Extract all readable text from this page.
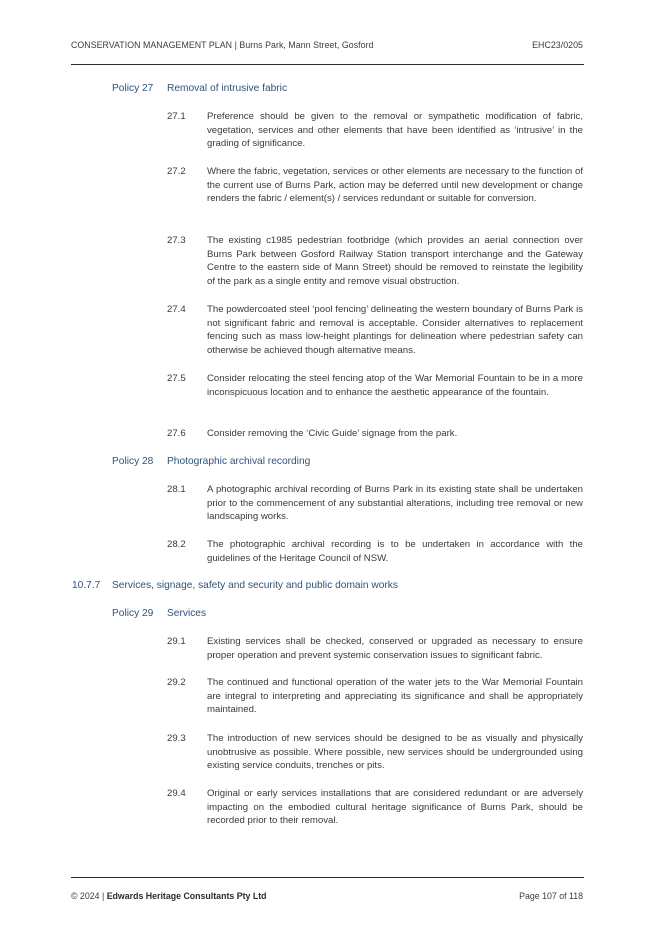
CONSERVATION MANAGEMENT PLAN | Burns Park, Mann Street, Gosford	EHC23/0205
Policy 27 Removal of intrusive fabric
27.1	Preference should be given to the removal or sympathetic modification of fabric, vegetation, services and other elements that have been identified as ‘intrusive’ in the grading of significance.
27.2	Where the fabric, vegetation, services or other elements are necessary to the function of the current use of Burns Park, action may be deferred until new development or change renders the fabric / element(s) / services redundant or suitable for conversion.
27.3	The existing c1985 pedestrian footbridge (which provides an aerial connection over Burns Park between Gosford Railway Station transport interchange and the Gateway Centre to the eastern side of Mann Street) should be removed to reinstate the legibility of the park as a single entity and remove visual obstruction.
27.4	The powdercoated steel ‘pool fencing’ delineating the western boundary of Burns Park is not significant fabric and removal is acceptable. Consider alternatives to replacement fencing such as mass low-height plantings for delineation where pedestrian safety can otherwise be achieved though alternative means.
27.5	Consider relocating the steel fencing atop of the War Memorial Fountain to be in a more inconspicuous location and to enhance the aesthetic appearance of the fountain.
27.6	Consider removing the ‘Civic Guide’ signage from the park.
Policy 28 Photographic archival recording
28.1	A photographic archival recording of Burns Park in its existing state shall be undertaken prior to the commencement of any substantial alterations, including tree removal or new landscaping works.
28.2	The photographic archival recording is to be undertaken in accordance with the guidelines of the Heritage Council of NSW.
10.7.7 Services, signage, safety and security and public domain works
Policy 29 Services
29.1	Existing services shall be checked, conserved or upgraded as necessary to ensure proper operation and prevent systemic conservation issues to significant fabric.
29.2	The continued and functional operation of the water jets to the War Memorial Fountain are integral to interpreting and appreciating its significance and shall be appropriately maintained.
29.3	The introduction of new services should be designed to be as visually and physically unobtrusive as possible. Where possible, new services should be undergrounded using existing service conduits, trenches or pits.
29.4	Original or early services installations that are considered redundant or are adversely impacting on the embodied cultural heritage significance of Burns Park, should be recorded prior to their removal.
© 2024 | Edwards Heritage Consultants Pty Ltd	Page 107 of 118
